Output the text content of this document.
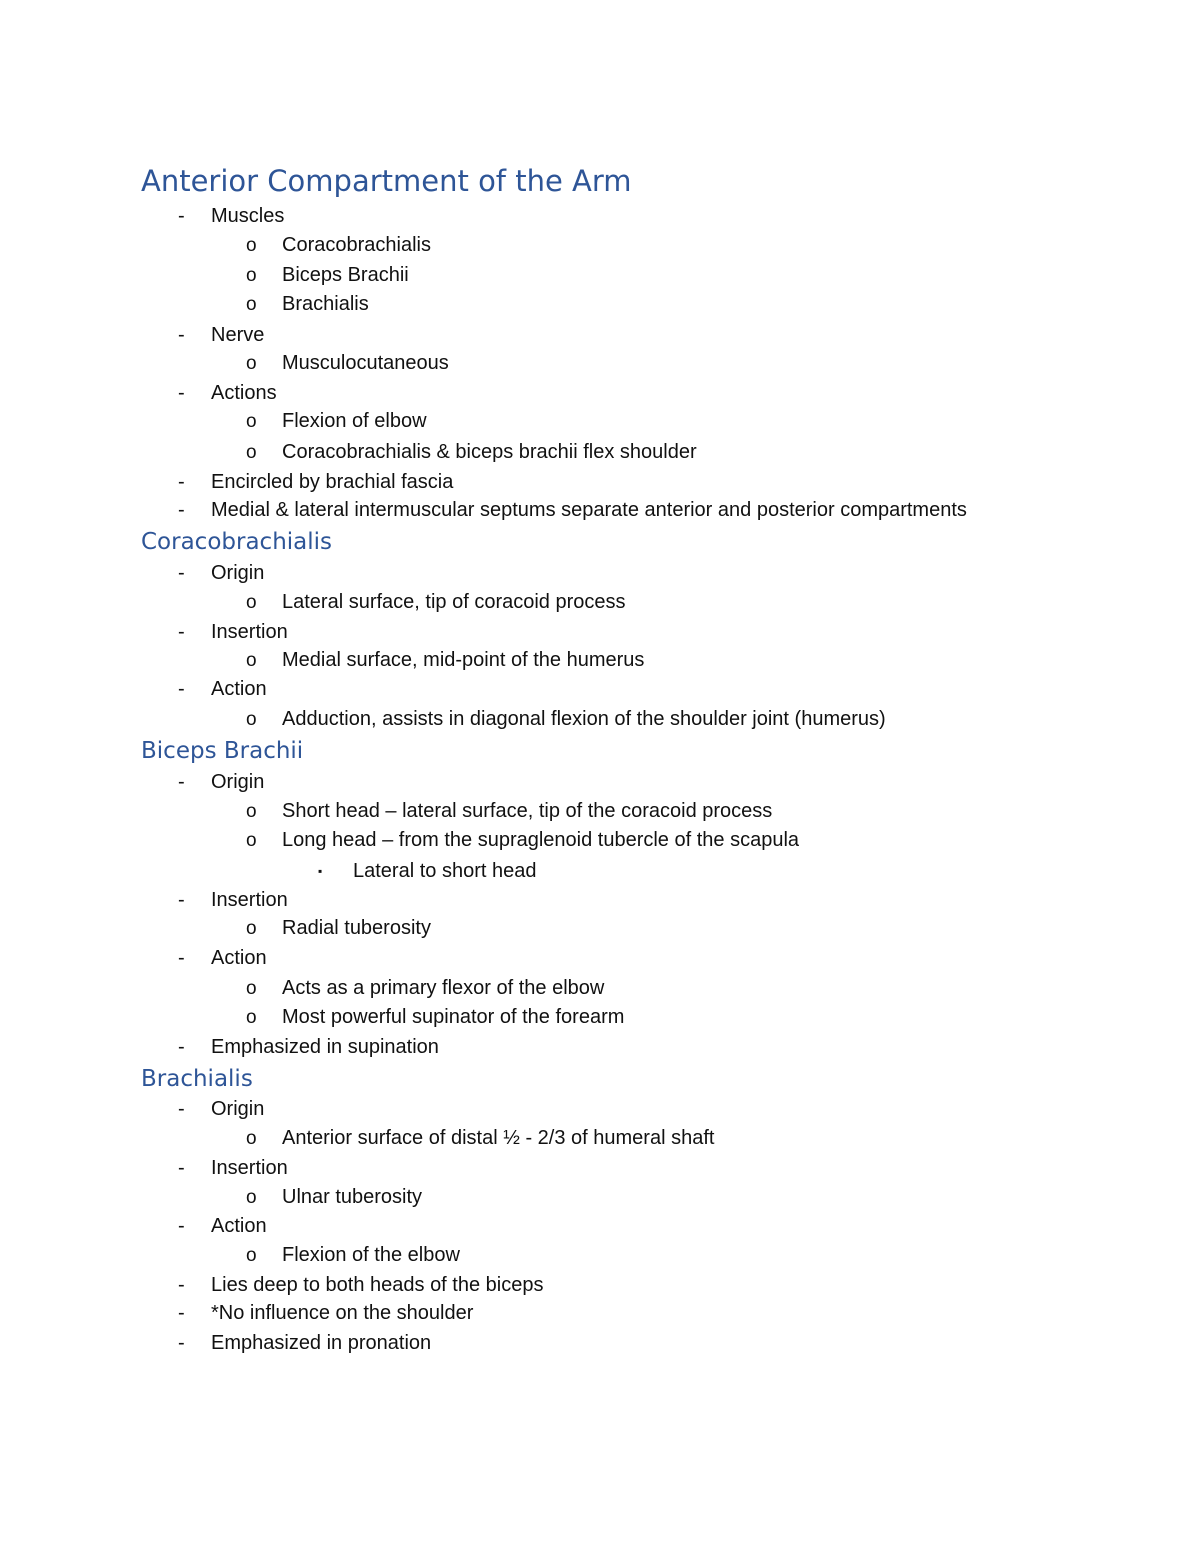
Anterior Compartment of the Arm
- Muscles
o Coracobrachialis
o Biceps Brachii
o Brachialis
- Nerve
o Musculocutaneous
- Actions
o Flexion of elbow
o Coracobrachialis & biceps brachii flex shoulder
- Encircled by brachial fascia
- Medial & lateral intermuscular septums separate anterior and posterior compartments
Coracobrachialis
- Origin
o Lateral surface, tip of coracoid process
- Insertion
o Medial surface, mid-point of the humerus
- Action
o Adduction, assists in diagonal flexion of the shoulder joint (humerus)
Biceps Brachii
- Origin
o Short head – lateral surface, tip of the coracoid process
o Long head – from the supraglenoid tubercle of the scapula
▪ Lateral to short head
- Insertion
o Radial tuberosity
- Action
o Acts as a primary flexor of the elbow
o Most powerful supinator of the forearm
- Emphasized in supination
Brachialis
- Origin
o Anterior surface of distal ½ - 2/3 of humeral shaft
- Insertion
o Ulnar tuberosity
- Action
o Flexion of the elbow
- Lies deep to both heads of the biceps
- *No influence on the shoulder
- Emphasized in pronation
